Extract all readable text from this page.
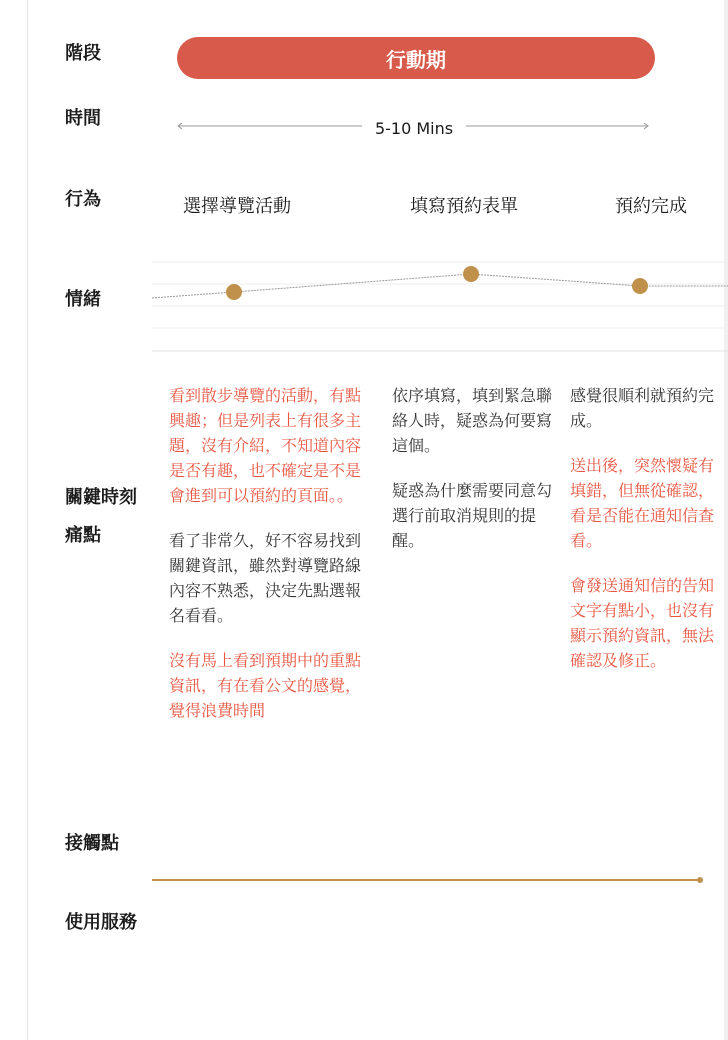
階段
時間
行為
情緒
關鍵時刻
痛點
接觸點
使用服務
行動期
5-10 Mins
選擇導覽活動	填寫預約表單	預約完成

看到散步導覽的活動，有點興趣；但是列表上有很多主題，沒有介紹，不知道內容是否有趣，也不確定是不是會進到可以預約的頁面。。

看了非常久，好不容易找到關鍵資訊，雖然對導覽路線內容不熟悉，決定先點選報名看看。

沒有馬上看到預期中的重點資訊，有在看公文的感覺，覺得浪費時間

依序填寫，填到緊急聯絡人時，疑惑為何要寫這個。

疑惑為什麼需要同意勾選行前取消規則的提醒。

感覺很順利就預約完成。

送出後，突然懷疑有填錯，但無從確認，看是否能在通知信查看。

會發送通知信的告知文字有點小，也沒有顯示預約資訊，無法確認及修正。
